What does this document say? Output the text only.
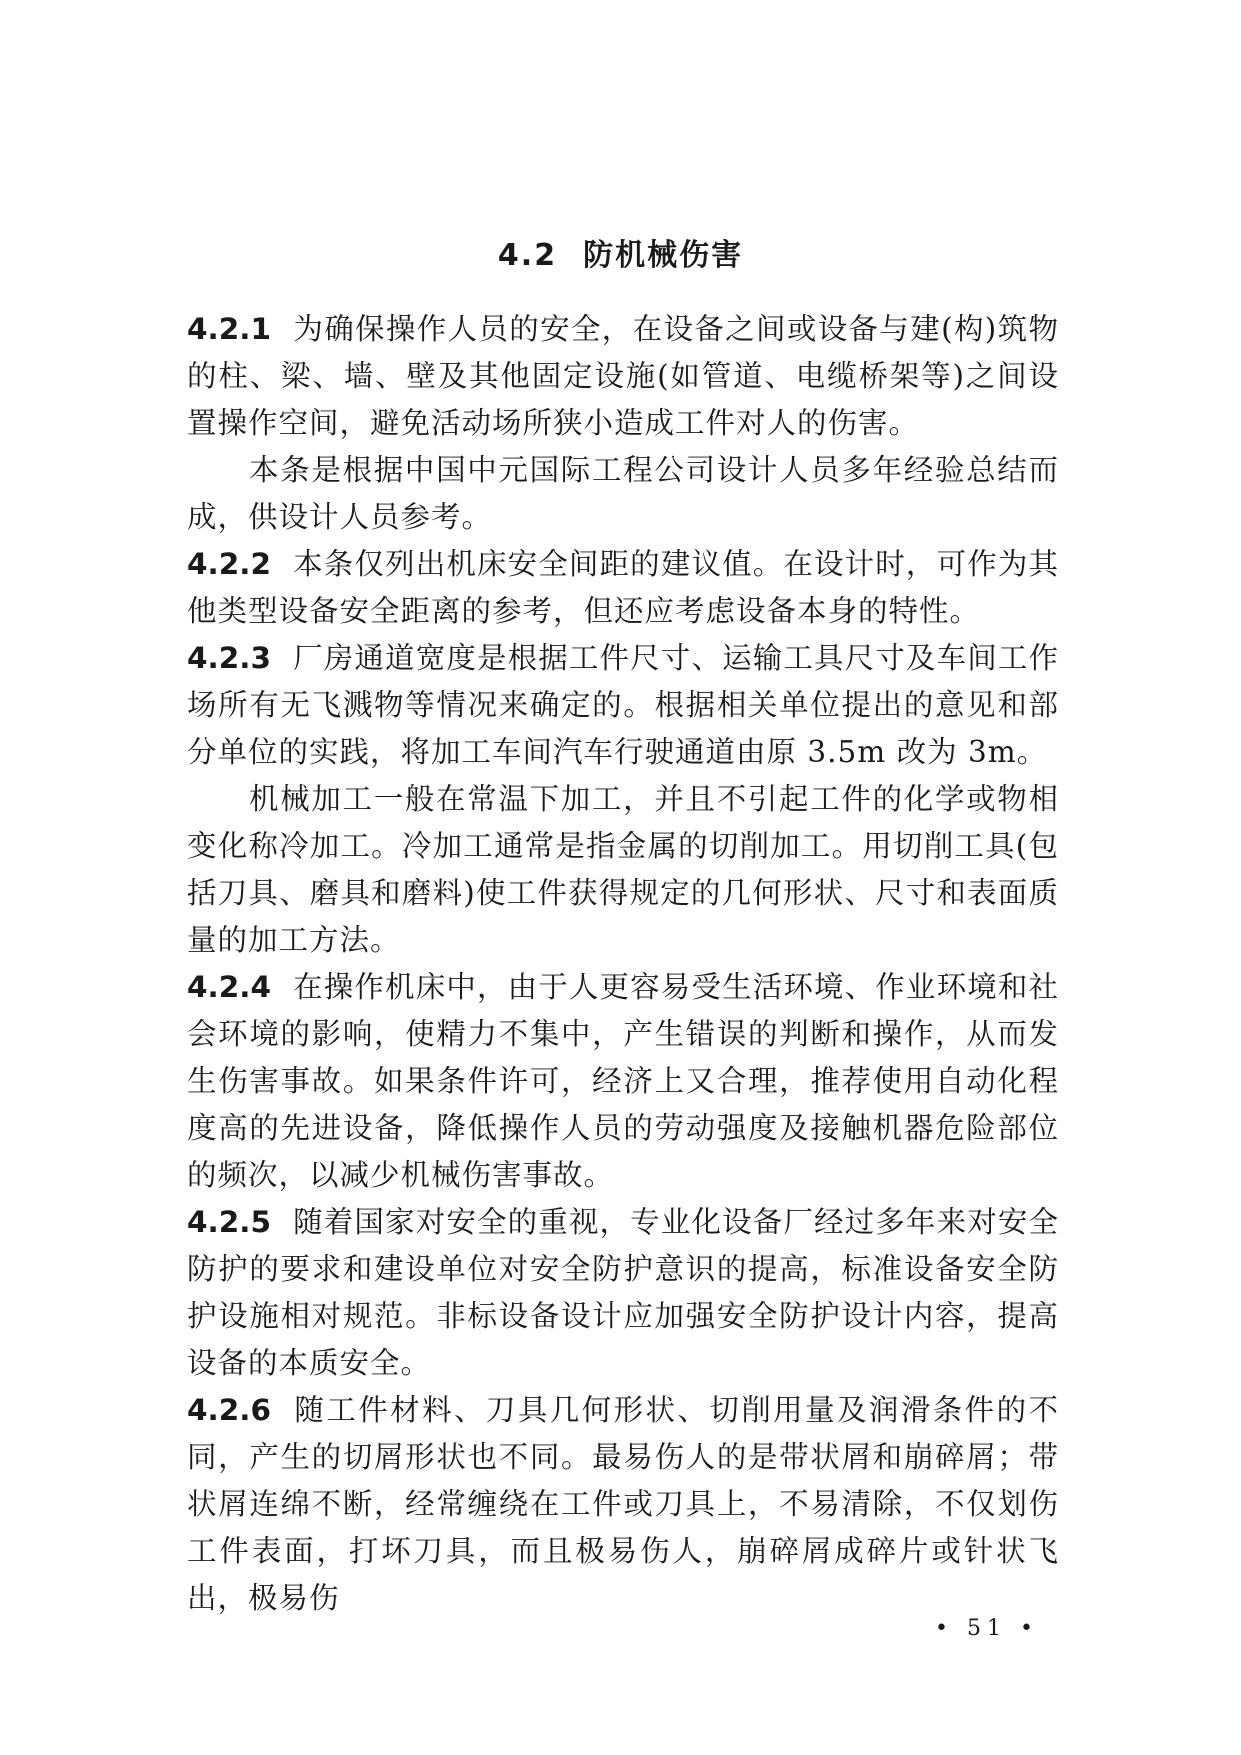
4.2 防机械伤害

4.2.1 为确保操作人员的安全，在设备之间或设备与建(构)筑物的柱、梁、墙、壁及其他固定设施(如管道、电缆桥架等)之间设置操作空间，避免活动场所狭小造成工件对人的伤害。

本条是根据中国中元国际工程公司设计人员多年经验总结而成，供设计人员参考。

4.2.2 本条仅列出机床安全间距的建议值。在设计时，可作为其他类型设备安全距离的参考，但还应考虑设备本身的特性。

4.2.3 厂房通道宽度是根据工件尺寸、运输工具尺寸及车间工作场所有无飞溅物等情况来确定的。根据相关单位提出的意见和部分单位的实践，将加工车间汽车行驶通道由原 3.5m 改为 3m。

机械加工一般在常温下加工，并且不引起工件的化学或物相变化称冷加工。冷加工通常是指金属的切削加工。用切削工具(包括刀具、磨具和磨料)使工件获得规定的几何形状、尺寸和表面质量的加工方法。

4.2.4 在操作机床中，由于人更容易受生活环境、作业环境和社会环境的影响，使精力不集中，产生错误的判断和操作，从而发生伤害事故。如果条件许可，经济上又合理，推荐使用自动化程度高的先进设备，降低操作人员的劳动强度及接触机器危险部位的频次，以减少机械伤害事故。

4.2.5 随着国家对安全的重视，专业化设备厂经过多年来对安全防护的要求和建设单位对安全防护意识的提高，标准设备安全防护设施相对规范。非标设备设计应加强安全防护设计内容，提高设备的本质安全。

4.2.6 随工件材料、刀具几何形状、切削用量及润滑条件的不同，产生的切屑形状也不同。最易伤人的是带状屑和崩碎屑；带状屑连绵不断，经常缠绕在工件或刀具上，不易清除，不仅划伤工件表面，打坏刀具，而且极易伤人，崩碎屑成碎片或针状飞出，极易伤

• 51 •
